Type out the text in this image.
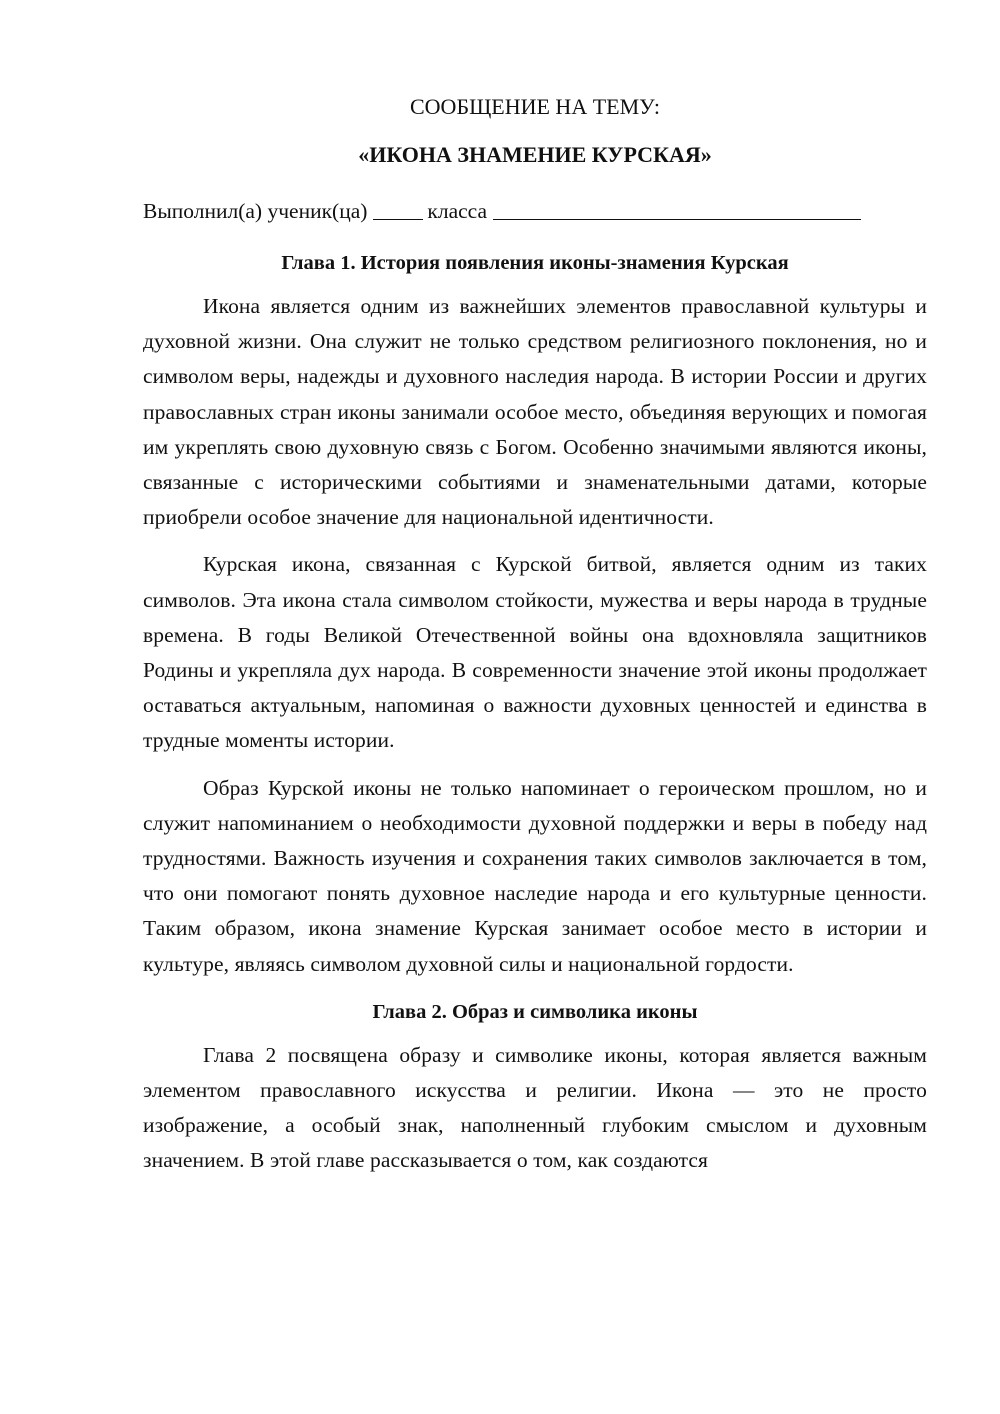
СООБЩЕНИЕ НА ТЕМУ:
«ИКОНА ЗНАМЕНИЕ КУРСКАЯ»
Выполнил(а) ученик(ца)	класса
Глава 1. История появления иконы-знамения Курская

Икона является одним из важнейших элементов православной культуры и духовной жизни. Она служит не только средством религиозного поклонения, но и символом веры, надежды и духовного наследия народа. В истории России и других православных стран иконы занимали особое место, объединяя верующих и помогая им укреплять свою духовную связь с Богом. Особенно значимыми являются иконы, связанные с историческими событиями и знаменательными датами, которые приобрели особое значение для национальной идентичности.

Курская икона, связанная с Курской битвой, является одним из таких символов. Эта икона стала символом стойкости, мужества и веры народа в трудные времена. В годы Великой Отечественной войны она вдохновляла защитников Родины и укрепляла дух народа. В современности значение этой иконы продолжает оставаться актуальным, напоминая о важности духовных ценностей и единства в трудные моменты истории.

Образ Курской иконы не только напоминает о героическом прошлом, но и служит напоминанием о необходимости духовной поддержки и веры в победу над трудностями. Важность изучения и сохранения таких символов заключается в том, что они помогают понять духовное наследие народа и его культурные ценности. Таким образом, икона знамение Курская занимает особое место в истории и культуре, являясь символом духовной силы и национальной гордости.

Глава 2. Образ и символика иконы

Глава 2 посвящена образу и символике иконы, которая является важным элементом православного искусства и религии. Икона — это не просто изображение, а особый знак, наполненный глубоким смыслом и духовным значением. В этой главе рассказывается о том, как создаются
